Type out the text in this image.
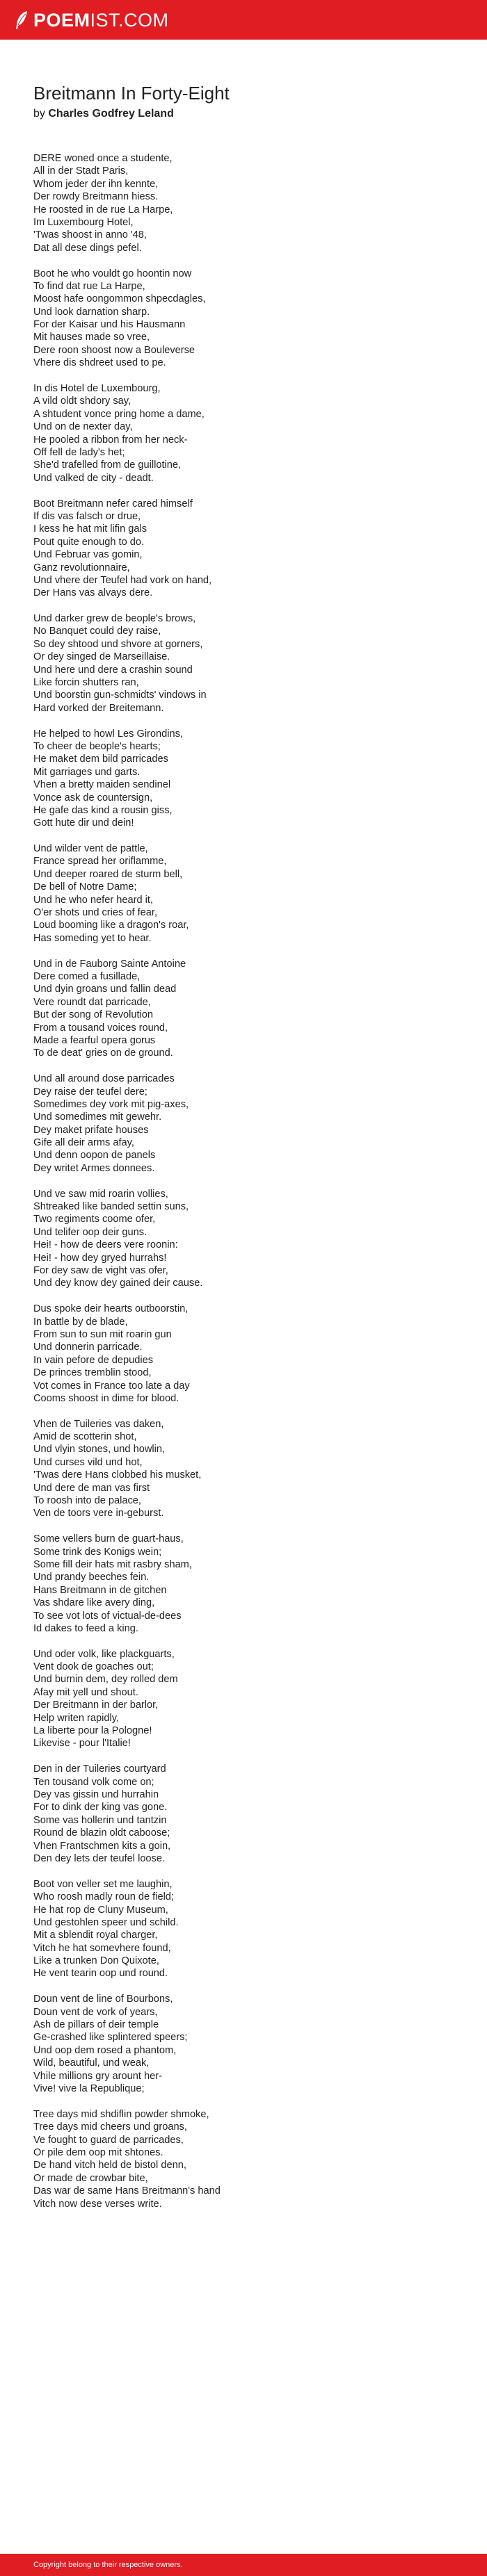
POEMIST.COM
Breitmann In Forty-Eight

by Charles Godfrey Leland

DERE woned once a studente,
All in der Stadt Paris,
Whom jeder der ihn kennte,
Der rowdy Breitmann hiess.
He roosted in de rue La Harpe,
Im Luxembourg Hotel,
'Twas shoost in anno '48,
Dat all dese dings pefel.
Boot he who vouldt go hoontin now
To find dat rue La Harpe,
Moost hafe oongommon shpecdagles,
Und look darnation sharp.
For der Kaisar und his Hausmann
Mit hauses made so vree,
Dere roon shoost now a Bouleverse
Vhere dis shdreet used to pe.
In dis Hotel de Luxembourg,
A vild oldt shdory say,
A shtudent vonce pring home a dame,
Und on de nexter day,
He pooled a ribbon from her neck-
Off fell de lady's het;
She'd trafelled from de guillotine,
Und valked de city - deadt.
Boot Breitmann nefer cared himself
If dis vas falsch or drue,
I kess he hat mit lifin gals
Pout quite enough to do.
Und Februar vas gomin,
Ganz revolutionnaire,
Und vhere der Teufel had vork on hand,
Der Hans vas alvays dere.
Und darker grew de beople's brows,
No Banquet could dey raise,
So dey shtood und shvore at gorners,
Or dey singed de Marseillaise.
Und here und dere a crashin sound
Like forcin shutters ran,
Und boorstin gun-schmidts' vindows in
Hard vorked der Breitemann.
He helped to howl Les Girondins,
To cheer de beople's hearts;
He maket dem bild parricades
Mit garriages und garts.
Vhen a bretty maiden sendinel
Vonce ask de countersign,
He gafe das kind a rousin giss,
Gott hute dir und dein!
Und wilder vent de pattle,
France spread her oriflamme,
Und deeper roared de sturm bell,
De bell of Notre Dame;
Und he who nefer heard it,
O'er shots und cries of fear,
Loud booming like a dragon's roar,
Has someding yet to hear.
Und in de Fauborg Sainte Antoine
Dere comed a fusillade,
Und dyin groans und fallin dead
Vere roundt dat parricade,
But der song of Revolution
From a tousand voices round,
Made a fearful opera gorus
To de deat' gries on de ground.
Und all around dose parricades
Dey raise der teufel dere;
Somedimes dey vork mit pig-axes,
Und somedimes mit gewehr.
Dey maket prifate houses
Gife all deir arms afay,
Und denn oopon de panels
Dey writet Armes donnees.
Und ve saw mid roarin vollies,
Shtreaked like banded settin suns,
Two regiments coome ofer,
Und telifer oop deir guns.
Hei! - how de deers vere roonin:
Hei! - how dey gryed hurrahs!
For dey saw de vight vas ofer,
Und dey know dey gained deir cause.
Dus spoke deir hearts outboorstin,
In battle by de blade,
From sun to sun mit roarin gun
Und donnerin parricade.
In vain pefore de depudies
De princes tremblin stood,
Vot comes in France too late a day
Cooms shoost in dime for blood.
Vhen de Tuileries vas daken,
Amid de scotterin shot,
Und vlyin stones, und howlin,
Und curses vild und hot,
'Twas dere Hans clobbed his musket,
Und dere de man vas first
To roosh into de palace,
Ven de toors vere in-geburst.
Some vellers burn de guart-haus,
Some trink des Konigs wein;
Some fill deir hats mit rasbry sham,
Und prandy beeches fein.
Hans Breitmann in de gitchen
Vas shdare like avery ding,
To see vot lots of victual-de-dees
Id dakes to feed a king.
Und oder volk, like plackguarts,
Vent dook de goaches out;
Und burnin dem, dey rolled dem
Afay mit yell und shout.
Der Breitmann in der barlor,
Help writen rapidly,
La liberte pour la Pologne!
Likevise - pour l'Italie!
Den in der Tuileries courtyard
Ten tousand volk come on;
Dey vas gissin und hurrahin
For to dink der king vas gone.
Some vas hollerin und tantzin
Round de blazin oldt caboose;
Vhen Frantschmen kits a goin,
Den dey lets der teufel loose.
Boot von veller set me laughin,
Who roosh madly roun de field;
He hat rop de Cluny Museum,
Und gestohlen speer und schild.
Mit a sblendit royal charger,
Vitch he hat somevhere found,
Like a trunken Don Quixote,
He vent tearin oop und round.
Doun vent de line of Bourbons,
Doun vent de vork of years,
Ash de pillars of deir temple
Ge-crashed like splintered speers;
Und oop dem rosed a phantom,
Wild, beautiful, und weak,
Vhile millions gry arount her-
Vive! vive la Republique;
Tree days mid shdiflin powder shmoke,
Tree days mid cheers und groans,
Ve fought to guard de parricades,
Or pile dem oop mit shtones.
De hand vitch held de bistol denn,
Or made de crowbar bite,
Das war de same Hans Breitmann's hand
Vitch now dese verses write.
Copyright belong to their respective owners.
